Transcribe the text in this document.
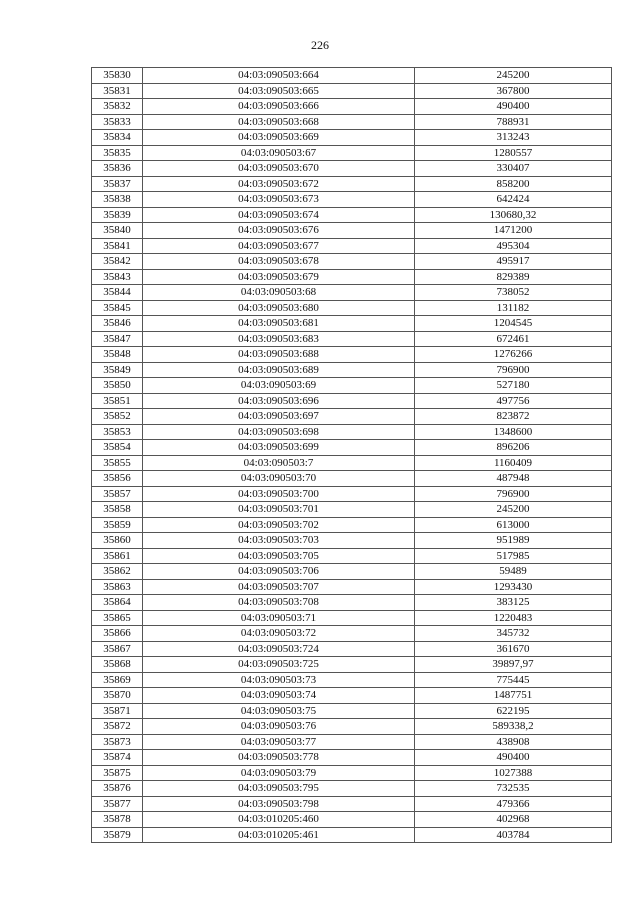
226
35830	04:03:090503:664	245200
35831	04:03:090503:665	367800
35832	04:03:090503:666	490400
35833	04:03:090503:668	788931
35834	04:03:090503:669	313243
35835	04:03:090503:67	1280557
35836	04:03:090503:670	330407
35837	04:03:090503:672	858200
35838	04:03:090503:673	642424
35839	04:03:090503:674	130680,32
35840	04:03:090503:676	1471200
35841	04:03:090503:677	495304
35842	04:03:090503:678	495917
35843	04:03:090503:679	829389
35844	04:03:090503:68	738052
35845	04:03:090503:680	131182
35846	04:03:090503:681	1204545
35847	04:03:090503:683	672461
35848	04:03:090503:688	1276266
35849	04:03:090503:689	796900
35850	04:03:090503:69	527180
35851	04:03:090503:696	497756
35852	04:03:090503:697	823872
35853	04:03:090503:698	1348600
35854	04:03:090503:699	896206
35855	04:03:090503:7	1160409
35856	04:03:090503:70	487948
35857	04:03:090503:700	796900
35858	04:03:090503:701	245200
35859	04:03:090503:702	613000
35860	04:03:090503:703	951989
35861	04:03:090503:705	517985
35862	04:03:090503:706	59489
35863	04:03:090503:707	1293430
35864	04:03:090503:708	383125
35865	04:03:090503:71	1220483
35866	04:03:090503:72	345732
35867	04:03:090503:724	361670
35868	04:03:090503:725	39897,97
35869	04:03:090503:73	775445
35870	04:03:090503:74	1487751
35871	04:03:090503:75	622195
35872	04:03:090503:76	589338,2
35873	04:03:090503:77	438908
35874	04:03:090503:778	490400
35875	04:03:090503:79	1027388
35876	04:03:090503:795	732535
35877	04:03:090503:798	479366
35878	04:03:010205:460	402968
35879	04:03:010205:461	403784
